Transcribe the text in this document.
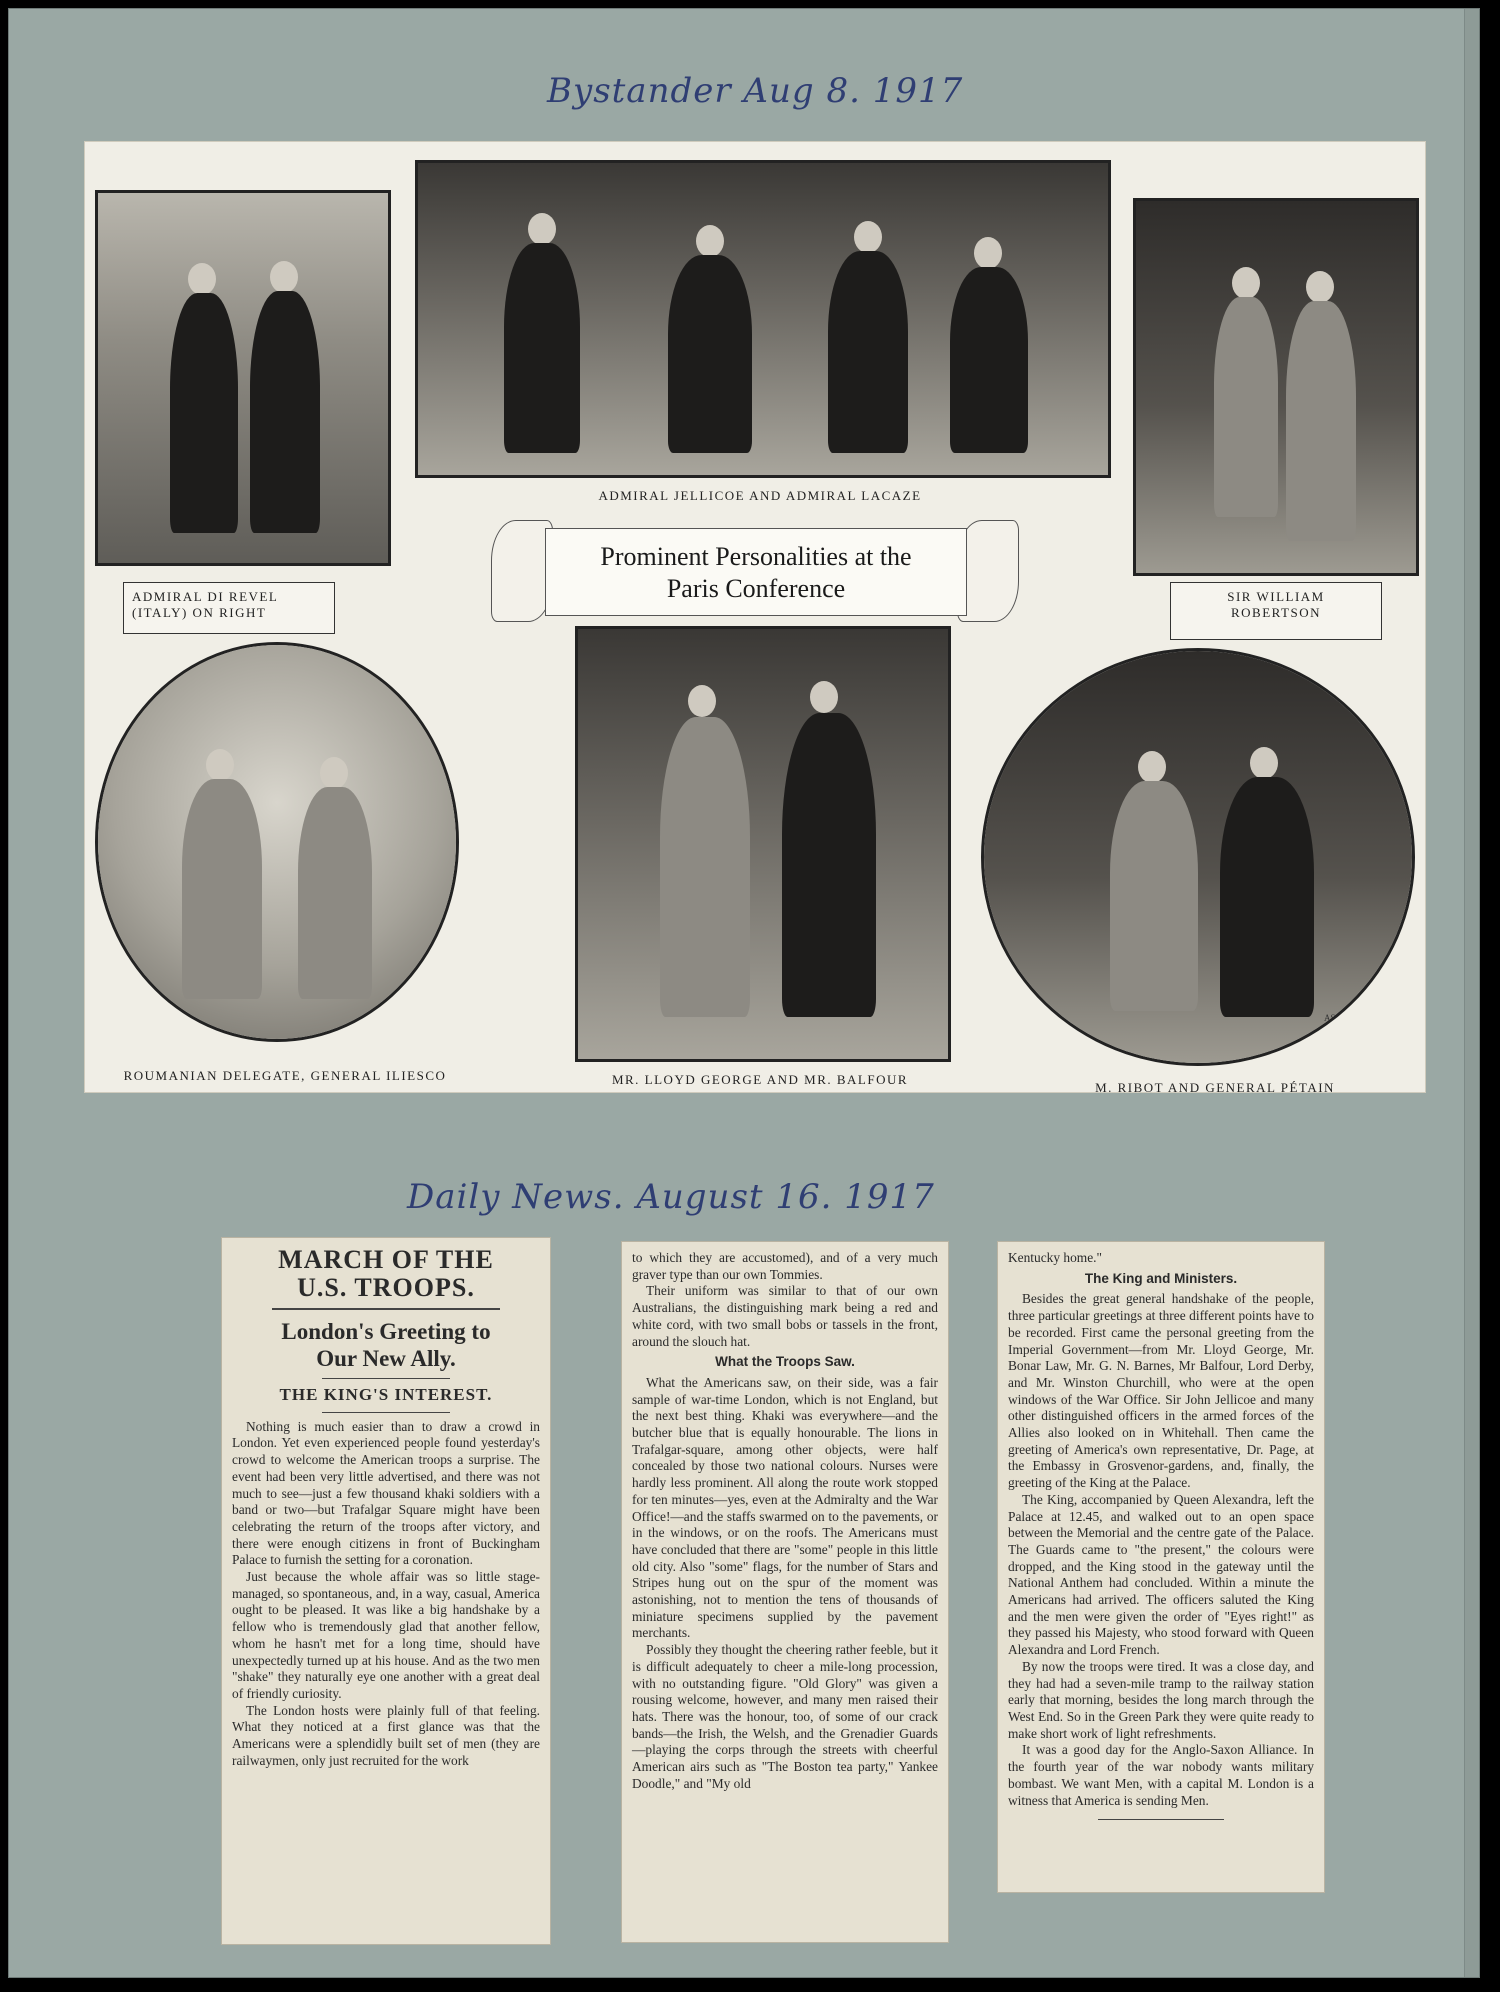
Bystander Aug 8. 1917
ADMIRAL JELLICOE AND ADMIRAL LACAZE
ADMIRAL DI REVEL
(ITALY) ON RIGHT
SIR WILLIAM
ROBERTSON
Prominent Personalities at the
Paris Conference
ROUMANIAN DELEGATE, GENERAL ILIESCO	MR. LLOYD GEORGE AND MR. BALFOUR
ASA
M. RIBOT AND GENERAL PÉTAIN
Daily News. August 16. 1917
MARCH OF THE
U.S. TROOPS.
London's Greeting to
Our New Ally.
THE KING'S INTEREST.

Nothing is much easier than to draw a crowd in London. Yet even experienced people found yesterday's crowd to welcome the American troops a surprise. The event had been very little advertised, and there was not much to see—just a few thousand khaki soldiers with a band or two—but Trafalgar Square might have been celebrating the return of the troops after victory, and there were enough citizens in front of Buckingham Palace to furnish the setting for a coronation.

Just because the whole affair was so little stage-managed, so spontaneous, and, in a way, casual, America ought to be pleased. It was like a big handshake by a fellow who is tremendously glad that another fellow, whom he hasn't met for a long time, should have unexpectedly turned up at his house. And as the two men "shake" they naturally eye one another with a great deal of friendly curiosity.

The London hosts were plainly full of that feeling. What they noticed at a first glance was that the Americans were a splendidly built set of men (they are railwaymen, only just recruited for the work

to which they are accustomed), and of a very much graver type than our own Tommies.

Their uniform was similar to that of our own Australians, the distinguishing mark being a red and white cord, with two small bobs or tassels in the front, around the slouch hat.

What the Troops Saw.

What the Americans saw, on their side, was a fair sample of war-time London, which is not England, but the next best thing. Khaki was everywhere—and the butcher blue that is equally honourable. The lions in Trafalgar-square, among other objects, were half concealed by those two national colours. Nurses were hardly less prominent. All along the route work stopped for ten minutes—yes, even at the Admiralty and the War Office!—and the staffs swarmed on to the pavements, or in the windows, or on the roofs. The Americans must have concluded that there are "some" people in this little old city. Also "some" flags, for the number of Stars and Stripes hung out on the spur of the moment was astonishing, not to mention the tens of thousands of miniature specimens supplied by the pavement merchants.

Possibly they thought the cheering rather feeble, but it is difficult adequately to cheer a mile-long procession, with no outstanding figure. "Old Glory" was given a rousing welcome, however, and many men raised their hats. There was the honour, too, of some of our crack bands—the Irish, the Welsh, and the Grenadier Guards—playing the corps through the streets with cheerful American airs such as "The Boston tea party," Yankee Doodle," and "My old

Kentucky home."

The King and Ministers.

Besides the great general handshake of the people, three particular greetings at three different points have to be recorded. First came the personal greeting from the Imperial Government—from Mr. Lloyd George, Mr. Bonar Law, Mr. G. N. Barnes, Mr Balfour, Lord Derby, and Mr. Winston Churchill, who were at the open windows of the War Office. Sir John Jellicoe and many other distinguished officers in the armed forces of the Allies also looked on in Whitehall. Then came the greeting of America's own representative, Dr. Page, at the Embassy in Grosvenor-gardens, and, finally, the greeting of the King at the Palace.

The King, accompanied by Queen Alexandra, left the Palace at 12.45, and walked out to an open space between the Memorial and the centre gate of the Palace. The Guards came to "the present," the colours were dropped, and the King stood in the gateway until the National Anthem had concluded. Within a minute the Americans had arrived. The officers saluted the King and the men were given the order of "Eyes right!" as they passed his Majesty, who stood forward with Queen Alexandra and Lord French.

By now the troops were tired. It was a close day, and they had had a seven-mile tramp to the railway station early that morning, besides the long march through the West End. So in the Green Park they were quite ready to make short work of light refreshments.

It was a good day for the Anglo-Saxon Alliance. In the fourth year of the war nobody wants military bombast. We want Men, with a capital M. London is a witness that America is sending Men.
